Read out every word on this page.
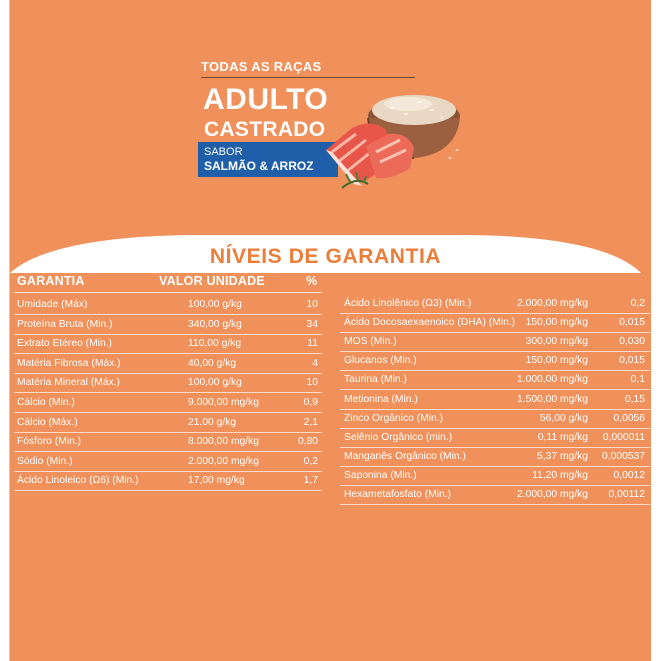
TODAS AS RAÇAS
ADULTO
CASTRADO
SABOR
SALMÃO & ARROZ
NÍVEIS DE GARANTIA
GARANTIA	VALOR UNIDADE	%
Umidade (Máx)	100,00 g/kg	10
Proteína Bruta (Min.)	340,00 g/kg	34
Extrato Etéreo (Min.)	110,00 g/kg	11
Matéria Fibrosa (Máx.)	40,00 g/kg	4
Matéria Mineral (Máx.)	100,00 g/kg	10
Cálcio (Min.)	9.000,00 mg/kg	0,9
Cálcio (Máx.)	21,00 g/kg	2,1
Fósforo (Min.)	8.000,00 mg/kg	0,80
Sódio (Min.)	2.000,00 mg/kg	0,2
Ácido Linoleico (Ω6) (Min.)	17,00 mg/kg	1,7
Ácido Linolênico (Ω3) (Min.)	2.000,00 mg/kg	0,2
Ácido Docosaexaenoico (DHA) (Min.) 150,00 mg/kg	0,015
MOS (Min.)	300,00 mg/kg	0,030
Glucanos (Min.)	150,00 mg/kg	0,015
Taurina (Min.)	1.000,00 mg/kg	0,1
Metionina (Min.)	1.500,00 mg/kg	0,15
Zinco Orgânico (Min.)	56,00 g/kg 0,0056
Selênio Orgânico (min.)	0,11 mg/kg 0,000011
Manganês Orgânico (Min.)	5,37 mg/kg 0,000537
Saponina (Min.)	11,20 mg/kg 0,0012
Hexametafosfato (Min.)	2.000,00 mg/kg 0,00112
